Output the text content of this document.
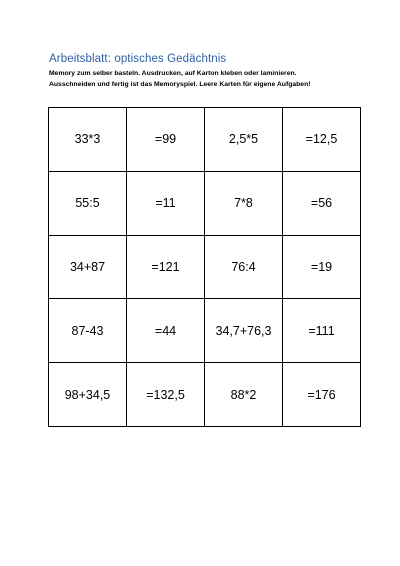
Arbeitsblatt: optisches Gedächtnis
Memory zum selber basteln. Ausdrucken, auf Karton kleben oder laminieren.
Ausschneiden und fertig ist das Memoryspiel. Leere Karten für eigene Aufgaben!
33*3	=99	2,5*5	=12,5
55:5	=11	7*8	=56
34+87	=121	76:4	=19
87-43	=44	34,7+76,3	=111
98+34,5	=132,5	88*2	=176
